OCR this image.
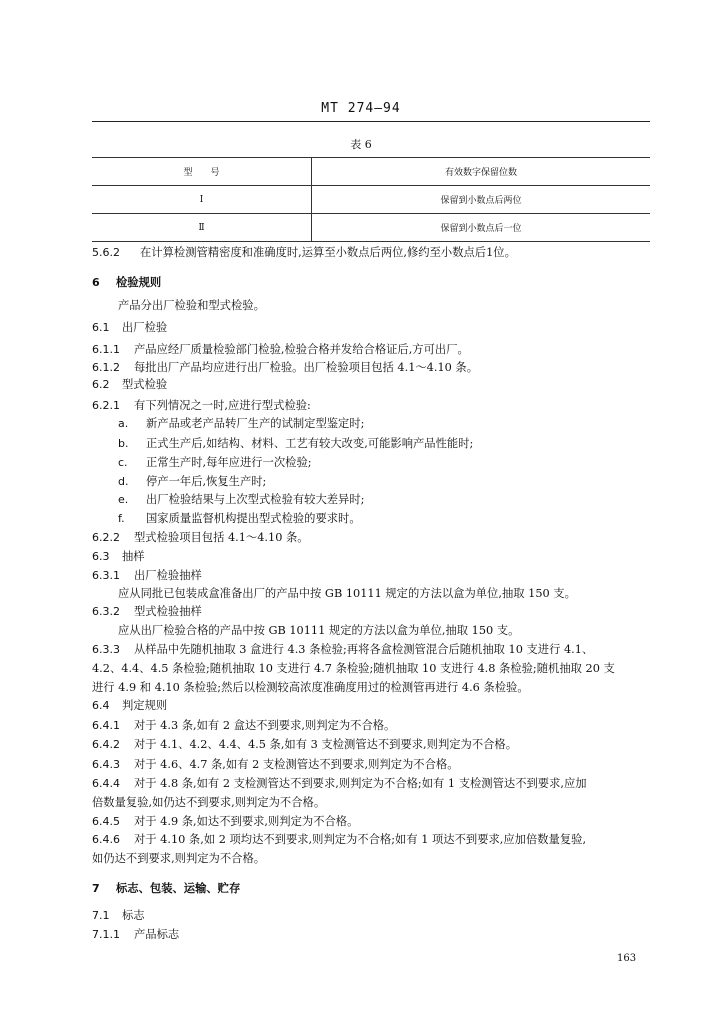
MT 274—94
表 6
型　　号	有效数字保留位数
Ⅰ	保留到小数点后两位
Ⅱ	保留到小数点后一位
5.6.2 在计算检测管精密度和准确度时,运算至小数点后两位,修约至小数点后1位。
6 检验规则
产品分出厂检验和型式检验。
6.1 出厂检验
6.1.1 产品应经厂质量检验部门检验,检验合格并发给合格证后,方可出厂。
6.1.2 每批出厂产品均应进行出厂检验。出厂检验项目包括 4.1～4.10 条。
6.2 型式检验
6.2.1 有下列情况之一时,应进行型式检验:
a. 新产品或老产品转厂生产的试制定型鉴定时;
b. 正式生产后,如结构、材料、工艺有较大改变,可能影响产品性能时;
c. 正常生产时,每年应进行一次检验;
d. 停产一年后,恢复生产时;
e. 出厂检验结果与上次型式检验有较大差异时;
f. 国家质量监督机构提出型式检验的要求时。
6.2.2 型式检验项目包括 4.1～4.10 条。
6.3 抽样
6.3.1 出厂检验抽样
应从同批已包装成盒准备出厂的产品中按 GB 10111 规定的方法以盒为单位,抽取 150 支。
6.3.2 型式检验抽样
应从出厂检验合格的产品中按 GB 10111 规定的方法以盒为单位,抽取 150 支。
6.3.3 从样品中先随机抽取 3 盒进行 4.3 条检验;再将各盒检测管混合后随机抽取 10 支进行 4.1、
4.2、4.4、4.5 条检验;随机抽取 10 支进行 4.7 条检验;随机抽取 10 支进行 4.8 条检验;随机抽取 20 支
进行 4.9 和 4.10 条检验;然后以检测较高浓度准确度用过的检测管再进行 4.6 条检验。
6.4 判定规则
6.4.1 对于 4.3 条,如有 2 盒达不到要求,则判定为不合格。
6.4.2 对于 4.1、4.2、4.4、4.5 条,如有 3 支检测管达不到要求,则判定为不合格。
6.4.3 对于 4.6、4.7 条,如有 2 支检测管达不到要求,则判定为不合格。
6.4.4 对于 4.8 条,如有 2 支检测管达不到要求,则判定为不合格;如有 1 支检测管达不到要求,应加
倍数量复验,如仍达不到要求,则判定为不合格。
6.4.5 对于 4.9 条,如达不到要求,则判定为不合格。
6.4.6 对于 4.10 条,如 2 项均达不到要求,则判定为不合格;如有 1 项达不到要求,应加倍数量复验,
如仍达不到要求,则判定为不合格。
7 标志、包装、运输、贮存
7.1 标志
7.1.1 产品标志
163
